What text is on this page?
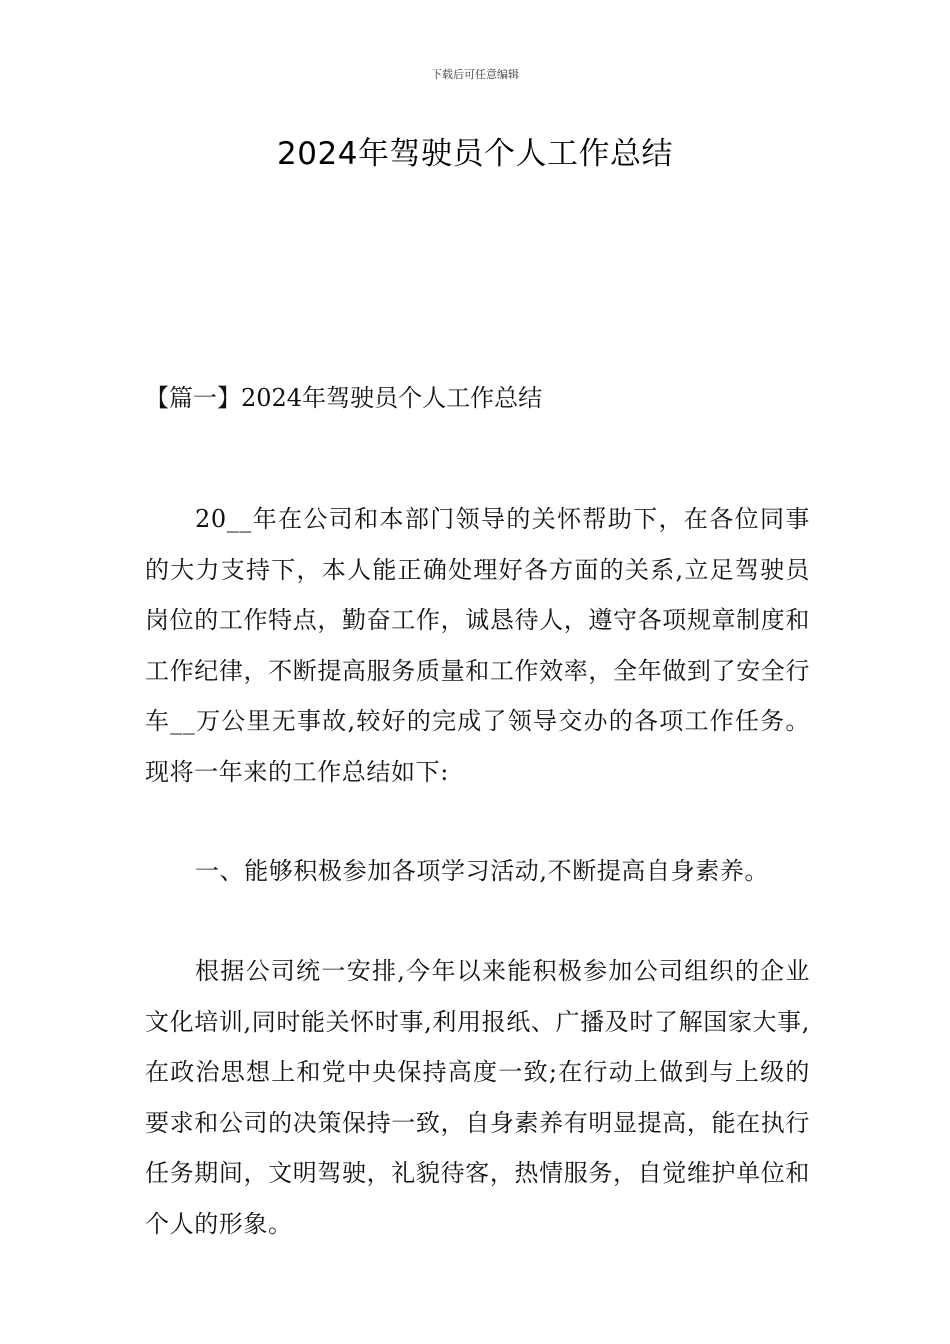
下载后可任意编辑
2024年驾驶员个人工作总结
【篇一】2024年驾驶员个人工作总结

20__年在公司和本部门领导的关怀帮助下，在各位同事的大力支持下，本人能正确处理好各方面的关系,立足驾驶员岗位的工作特点，勤奋工作，诚恳待人，遵守各项规章制度和工作纪律，不断提高服务质量和工作效率，全年做到了安全行车__万公里无事故,较好的完成了领导交办的各项工作任务。现将一年来的工作总结如下:

一、能够积极参加各项学习活动,不断提高自身素养。

根据公司统一安排,今年以来能积极参加公司组织的企业文化培训,同时能关怀时事,利用报纸、广播及时了解国家大事,在政治思想上和党中央保持高度一致;在行动上做到与上级的要求和公司的决策保持一致，自身素养有明显提高，能在执行任务期间，文明驾驶，礼貌待客，热情服务，自觉维护单位和个人的形象。
